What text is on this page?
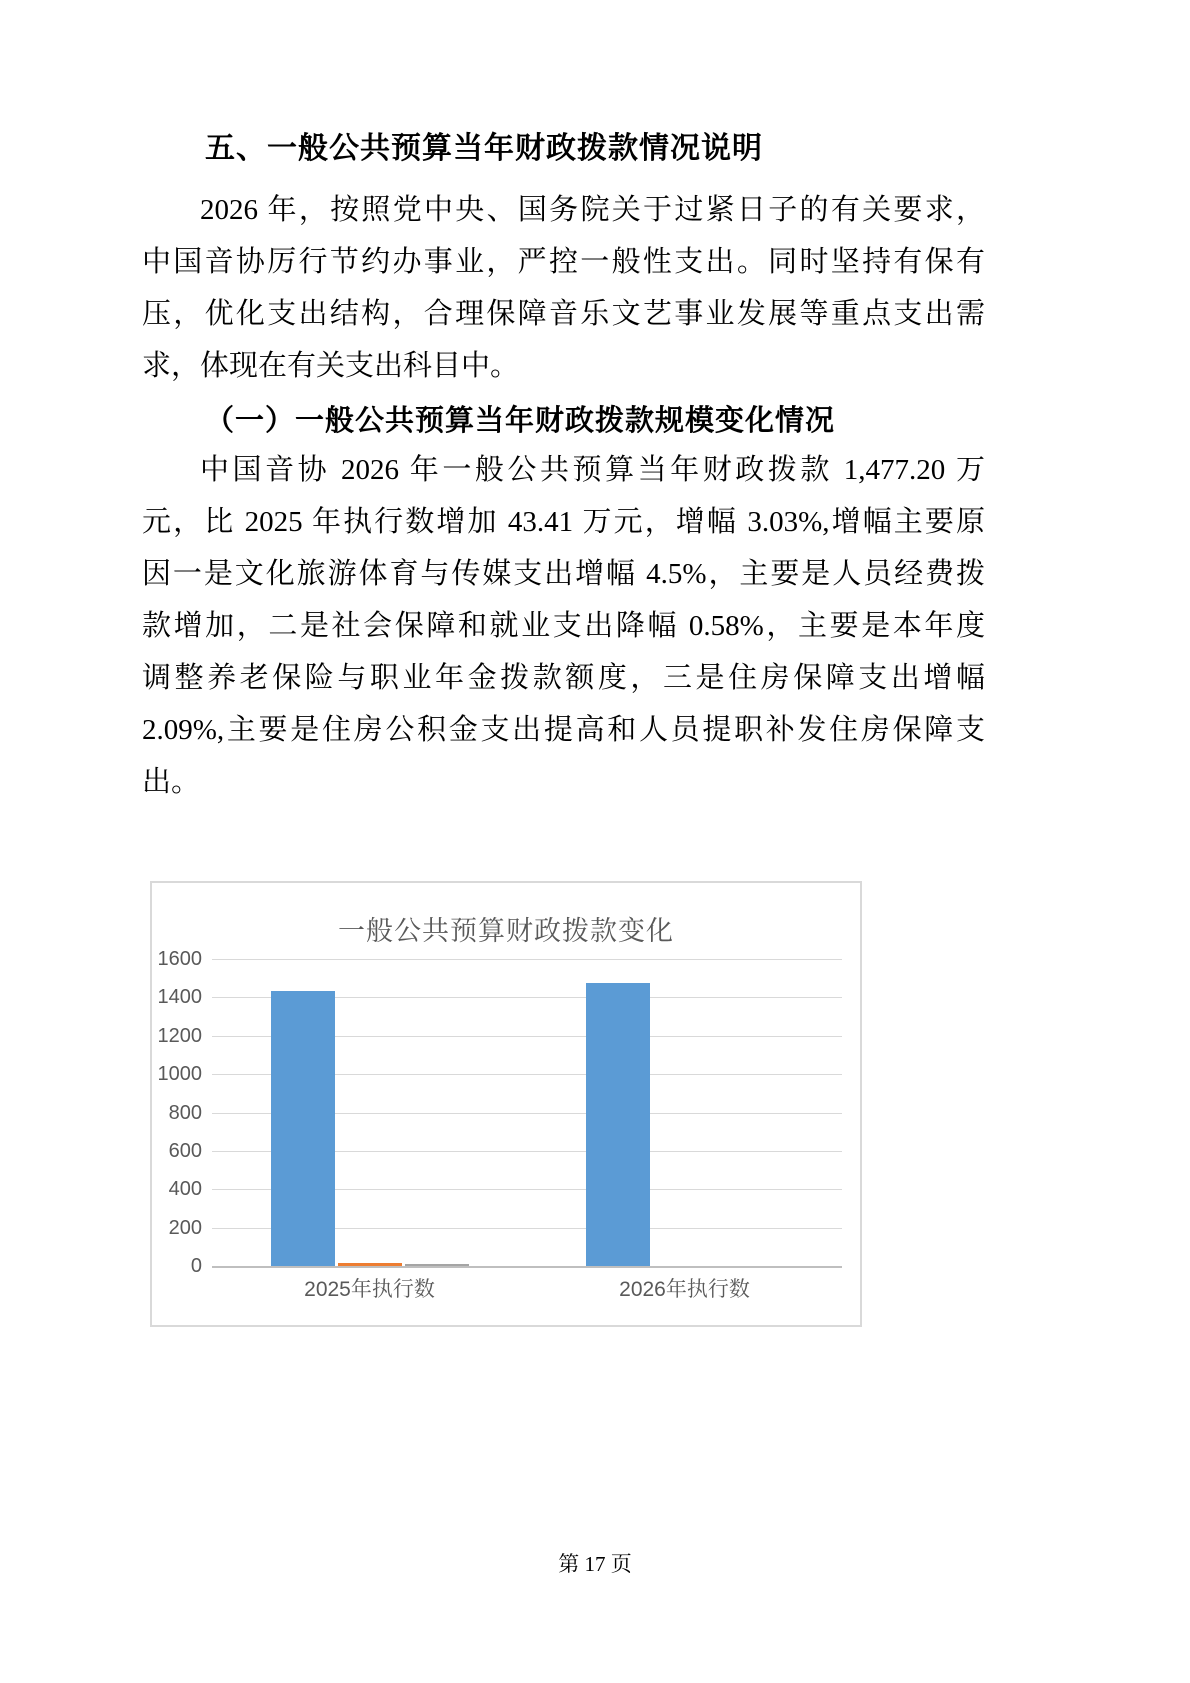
五、一般公共预算当年财政拨款情况说明
2026 年，按照党中央、国务院关于过紧日子的有关要求，
中国音协厉行节约办事业，严控一般性支出。同时坚持有保有
压，优化支出结构，合理保障音乐文艺事业发展等重点支出需
求，体现在有关支出科目中。
（一）一般公共预算当年财政拨款规模变化情况
中国音协 2026 年一般公共预算当年财政拨款 1,477.20 万
元，比 2025 年执行数增加 43.41 万元，增幅 3.03%,增幅主要原
因一是文化旅游体育与传媒支出增幅 4.5%，主要是人员经费拨
款增加，二是社会保障和就业支出降幅 0.58%，主要是本年度
调整养老保险与职业年金拨款额度，三是住房保障支出增幅
2.09%,主要是住房公积金支出提高和人员提职补发住房保障支
出。
一般公共预算财政拨款变化
0
200
400
600
800
1000
1200
1400
1600
2025年执行数	2026年执行数
第 17 页
